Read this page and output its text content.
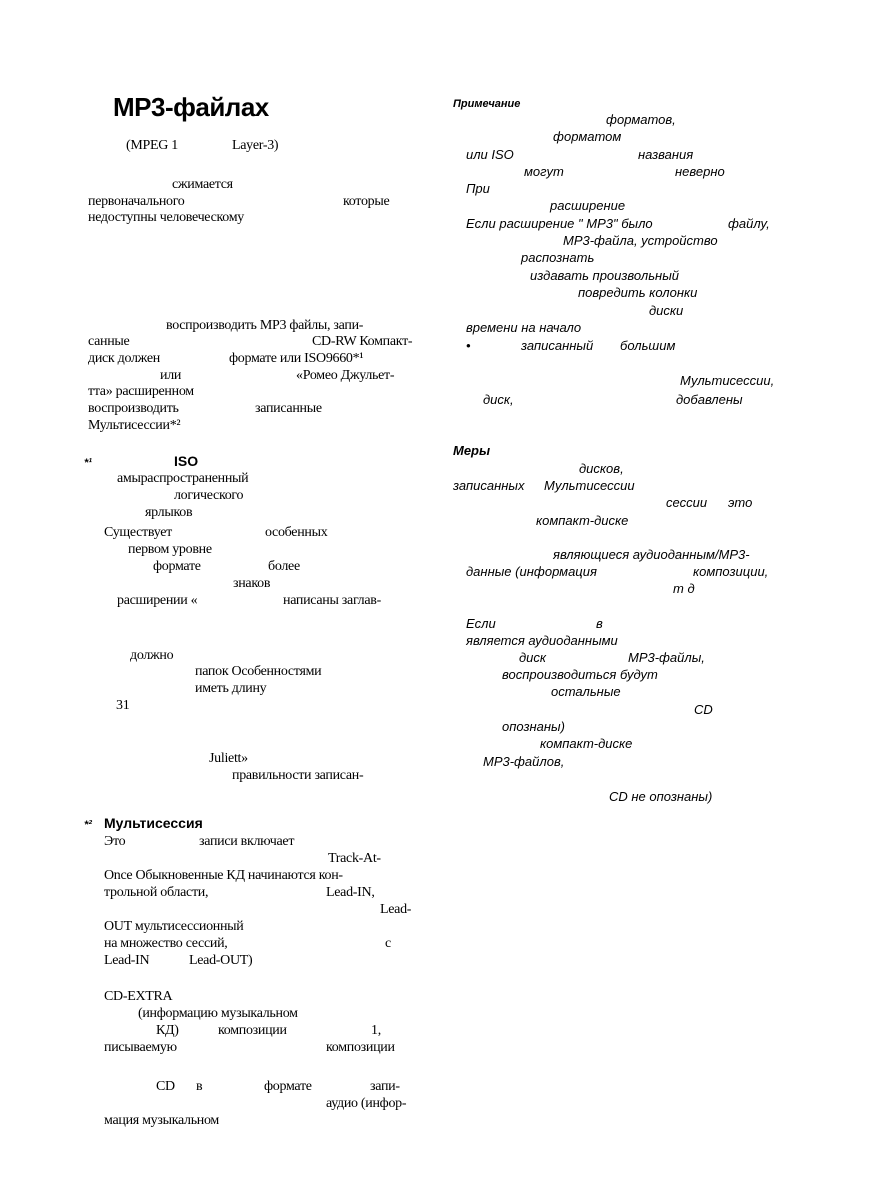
MP3-файлах
(MPEG 1	Layer-3)
сжимается
первоначального	которые
недоступны человеческому
воспроизводить MP3 файлы, запи-
санные	CD-RW Компакт-
диск должен	формате или ISO9660*¹
или	«Ромео Джульет-
тта» расширенном
воспроизводить	записанные
Мультисессии*²
*¹	ISO
амыраспространенный
логического
ярлыков
Существует	особенных
первом уровне
формате	более
знаков
расширении «	написаны заглав-
должно
папок Особенностями
иметь длину
31
Juliett»
правильности записан-
*² Мультисессия
Это	записи включает
Track-At-
Once Обыкновенные КД начинаются кон-
трольной области,	Lead-IN,
Lead-
OUT мультисессионный
на множество сессий,	с
Lead-IN	Lead-OUT)
CD-EXTRA
(информацию музыкальном
КД)	композиции	1,
писываемую	композиции
CD в	формате	запи-
аудио (инфор-
мация музыкальном
Примечание
форматов,
форматом
или ISO	названия
могут	неверно
При
расширение
Если расширение " MP3" было	файлу,
MP3-файла, устройство
распознать
издавать произвольный
повредить колонки
диски
времени на начало
•	записанный большим
Мультисессии,
диск,	добавлены
Меры
дисков,
записанных Мультисессии
сессии это
компакт-диске
являющиеся аудиоданным/MP3-
данные (информация	композиции,
т д
Если	в
является аудиоданными
диск	MP3-файлы,
воспроизводиться будут
остальные
CD
опознаны)
компакт-диске
MP3-файлов,
CD не опознаны)
